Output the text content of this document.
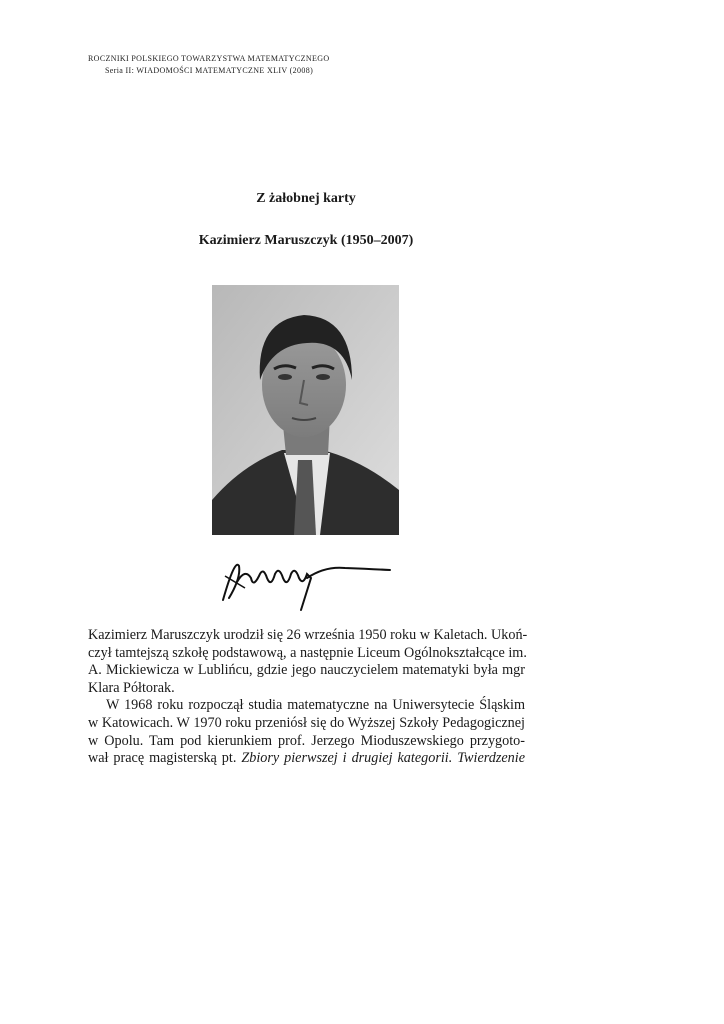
ROCZNIKI POLSKIEGO TOWARZYSTWA MATEMATYCZNEGO
Seria II: WIADOMOŚCI MATEMATYCZNE XLIV (2008)
Z żałobnej karty
Kazimierz Maruszczyk (1950–2007)

Kazimierz Maruszczyk urodził się 26 września 1950 roku w Kaletach. Ukoń-
czył tamtejszą szkołę podstawową, a następnie Liceum Ogólnokształcące im.
A. Mickiewicza w Lublińcu, gdzie jego nauczycielem matematyki była mgr
Klara Półtorak.

W 1968 roku rozpoczął studia matematyczne na Uniwersytecie Śląskim
w Katowicach. W 1970 roku przeniósł się do Wyższej Szkoły Pedagogicznej
w Opolu. Tam pod kierunkiem prof. Jerzego Mioduszewskiego przygoto-
wał pracę magisterską pt. Zbiory pierwszej i drugiej kategorii. Twierdzenie
